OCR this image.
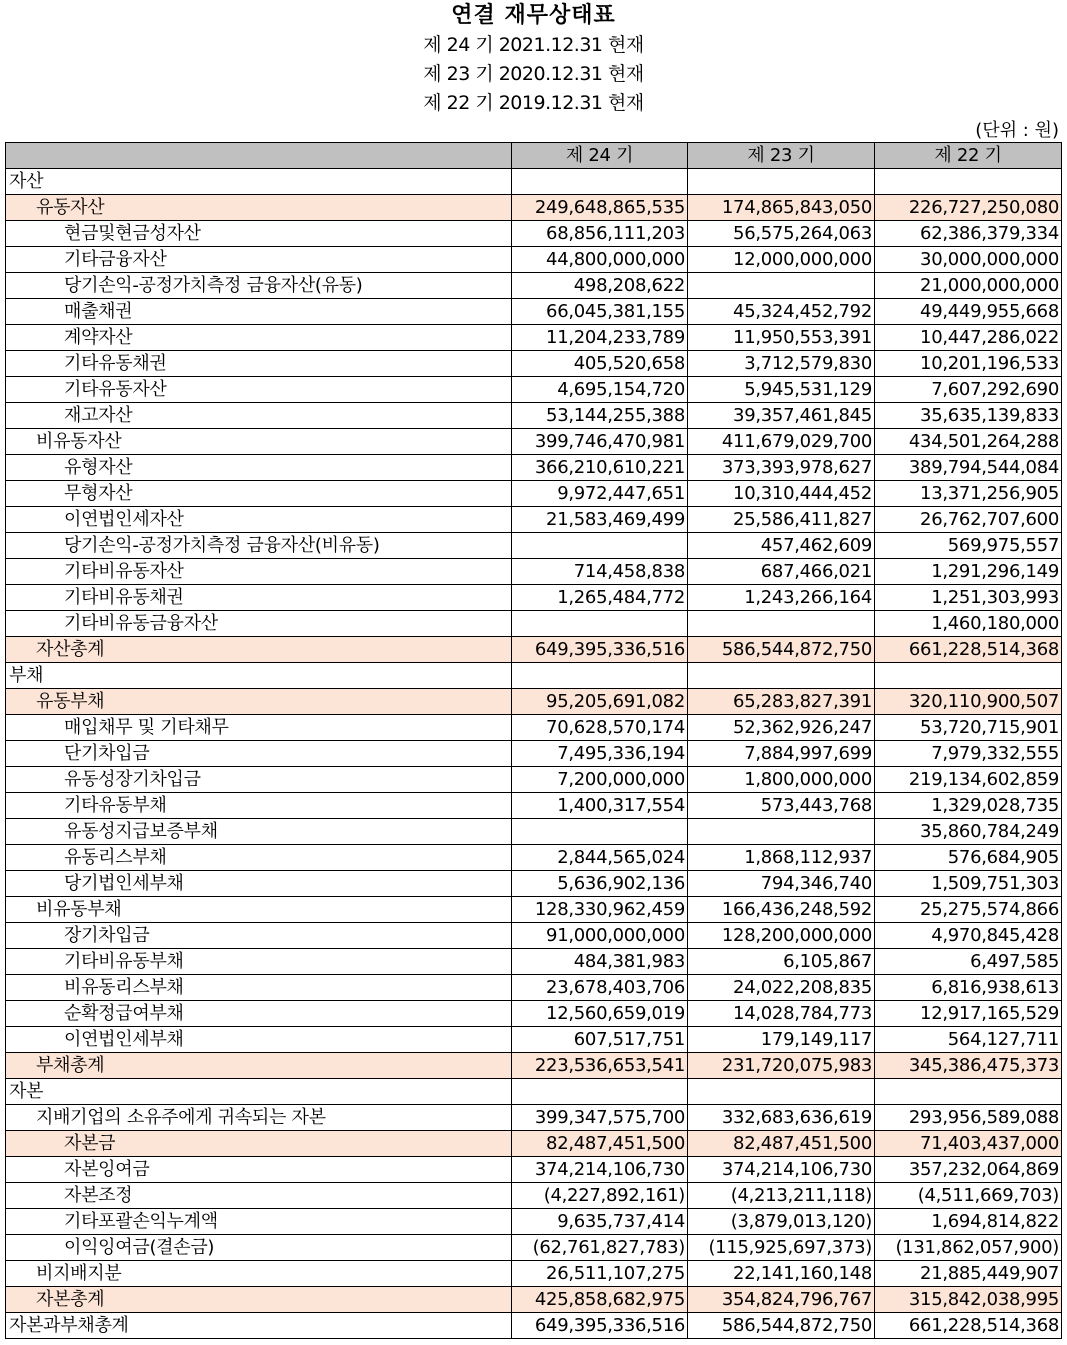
연결 재무상태표
제 24 기 2021.12.31 현재
제 23 기 2020.12.31 현재
제 22 기 2019.12.31 현재
(단위 : 원)
	제 24 기	제 23 기	제 22 기
자산			
유동자산	249,648,865,535	174,865,843,050	226,727,250,080
현금및현금성자산	68,856,111,203	56,575,264,063	62,386,379,334
기타금융자산	44,800,000,000	12,000,000,000	30,000,000,000
당기손익-공정가치측정 금융자산(유동)	498,208,622		21,000,000,000
매출채권	66,045,381,155	45,324,452,792	49,449,955,668
계약자산	11,204,233,789	11,950,553,391	10,447,286,022
기타유동채권	405,520,658	3,712,579,830	10,201,196,533
기타유동자산	4,695,154,720	5,945,531,129	7,607,292,690
재고자산	53,144,255,388	39,357,461,845	35,635,139,833
비유동자산	399,746,470,981	411,679,029,700	434,501,264,288
유형자산	366,210,610,221	373,393,978,627	389,794,544,084
무형자산	9,972,447,651	10,310,444,452	13,371,256,905
이연법인세자산	21,583,469,499	25,586,411,827	26,762,707,600
당기손익-공정가치측정 금융자산(비유동)		457,462,609	569,975,557
기타비유동자산	714,458,838	687,466,021	1,291,296,149
기타비유동채권	1,265,484,772	1,243,266,164	1,251,303,993
기타비유동금융자산			1,460,180,000
자산총계	649,395,336,516	586,544,872,750	661,228,514,368
부채			
유동부채	95,205,691,082	65,283,827,391	320,110,900,507
매입채무 및 기타채무	70,628,570,174	52,362,926,247	53,720,715,901
단기차입금	7,495,336,194	7,884,997,699	7,979,332,555
유동성장기차입금	7,200,000,000	1,800,000,000	219,134,602,859
기타유동부채	1,400,317,554	573,443,768	1,329,028,735
유동성지급보증부채			35,860,784,249
유동리스부채	2,844,565,024	1,868,112,937	576,684,905
당기법인세부채	5,636,902,136	794,346,740	1,509,751,303
비유동부채	128,330,962,459	166,436,248,592	25,275,574,866
장기차입금	91,000,000,000	128,200,000,000	4,970,845,428
기타비유동부채	484,381,983	6,105,867	6,497,585
비유동리스부채	23,678,403,706	24,022,208,835	6,816,938,613
순확정급여부채	12,560,659,019	14,028,784,773	12,917,165,529
이연법인세부채	607,517,751	179,149,117	564,127,711
부채총계	223,536,653,541	231,720,075,983	345,386,475,373
자본			
지배기업의 소유주에게 귀속되는 자본	399,347,575,700	332,683,636,619	293,956,589,088
자본금	82,487,451,500	82,487,451,500	71,403,437,000
자본잉여금	374,214,106,730	374,214,106,730	357,232,064,869
자본조정	(4,227,892,161)	(4,213,211,118)	(4,511,669,703)
기타포괄손익누계액	9,635,737,414	(3,879,013,120)	1,694,814,822
이익잉여금(결손금)	(62,761,827,783)	(115,925,697,373)	(131,862,057,900)
비지배지분	26,511,107,275	22,141,160,148	21,885,449,907
자본총계	425,858,682,975	354,824,796,767	315,842,038,995
자본과부채총계	649,395,336,516	586,544,872,750	661,228,514,368
